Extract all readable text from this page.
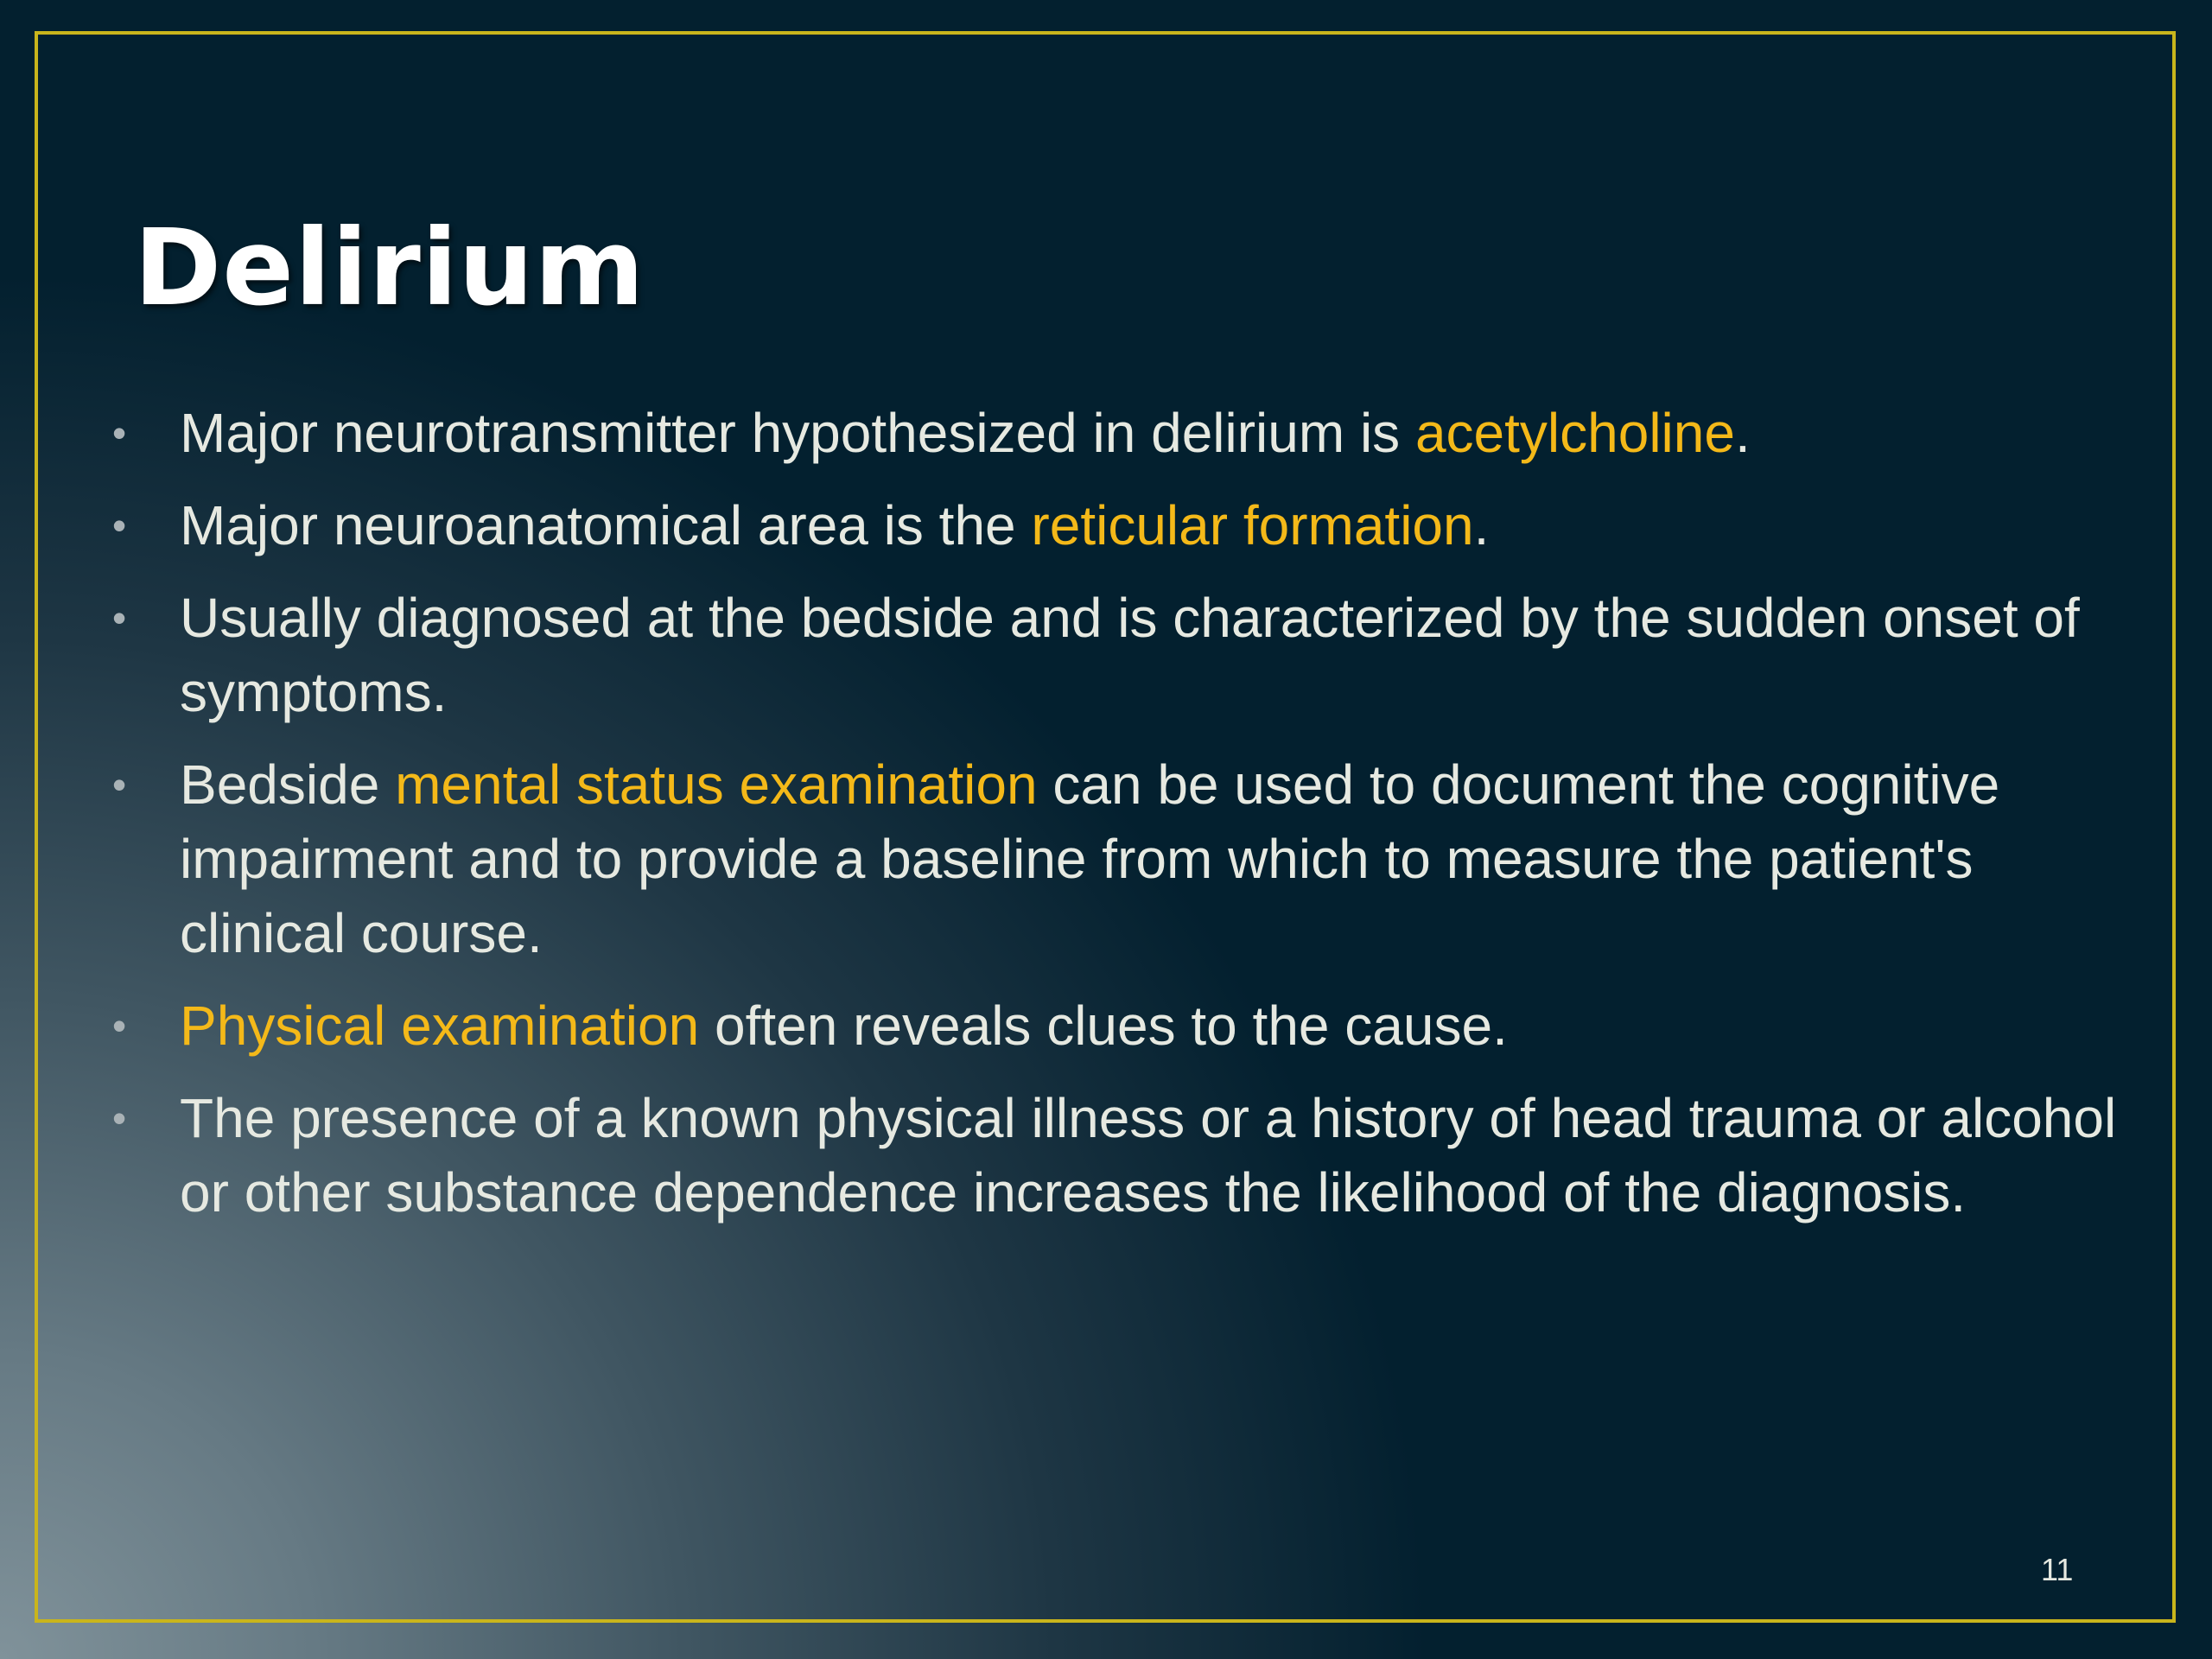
Delirium
• Major neurotransmitter hypothesized in delirium is acetylcholine.
• Major neuroanatomical area is the reticular formation.
• Usually diagnosed at the bedside and is characterized by the sudden onset of symptoms.
• Bedside mental status examination can be used to document the cognitive impairment and to provide a baseline from which to measure the patient's clinical course.
• Physical examination often reveals clues to the cause.
• The presence of a known physical illness or a history of head trauma or alcohol or other substance dependence increases the likelihood of the diagnosis.
11
